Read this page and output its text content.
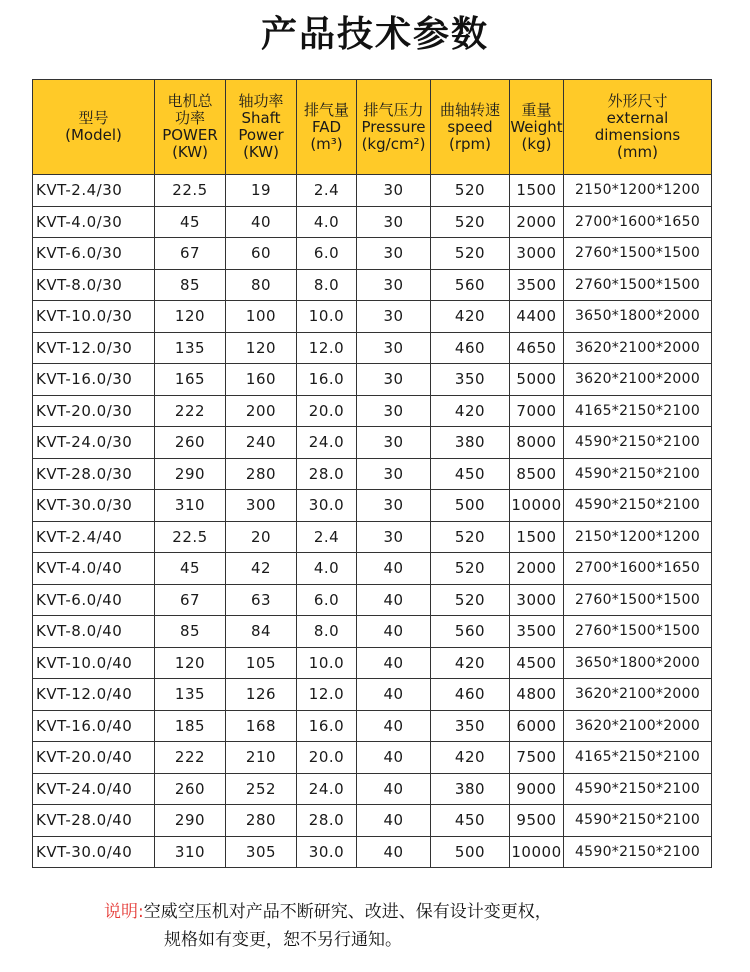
产品技术参数
型号
(Model)	电机总
功率
POWER
(KW)	轴功率
Shaft
Power
(KW)	排气量
FAD
(m³)	排气压力
Pressure
(kg/cm²)	曲轴转速
speed
(rpm)	重量
Weight
(kg)	外形尺寸
external
dimensions
(mm)

KVT-2.4/30	22.5	19	2.4	30	520	1500	2150*1200*1200
KVT-4.0/30	45	40	4.0	30	520	2000	2700*1600*1650
KVT-6.0/30	67	60	6.0	30	520	3000	2760*1500*1500
KVT-8.0/30	85	80	8.0	30	560	3500	2760*1500*1500
KVT-10.0/30	120	100	10.0	30	420	4400	3650*1800*2000
KVT-12.0/30	135	120	12.0	30	460	4650	3620*2100*2000
KVT-16.0/30	165	160	16.0	30	350	5000	3620*2100*2000
KVT-20.0/30	222	200	20.0	30	420	7000	4165*2150*2100
KVT-24.0/30	260	240	24.0	30	380	8000	4590*2150*2100
KVT-28.0/30	290	280	28.0	30	450	8500	4590*2150*2100
KVT-30.0/30	310	300	30.0	30	500	10000	4590*2150*2100
KVT-2.4/40	22.5	20	2.4	30	520	1500	2150*1200*1200
KVT-4.0/40	45	42	4.0	40	520	2000	2700*1600*1650
KVT-6.0/40	67	63	6.0	40	520	3000	2760*1500*1500
KVT-8.0/40	85	84	8.0	40	560	3500	2760*1500*1500
KVT-10.0/40	120	105	10.0	40	420	4500	3650*1800*2000
KVT-12.0/40	135	126	12.0	40	460	4800	3620*2100*2000
KVT-16.0/40	185	168	16.0	40	350	6000	3620*2100*2000
KVT-20.0/40	222	210	20.0	40	420	7500	4165*2150*2100
KVT-24.0/40	260	252	24.0	40	380	9000	4590*2150*2100
KVT-28.0/40	290	280	28.0	40	450	9500	4590*2150*2100
KVT-30.0/40	310	305	30.0	40	500	10000	4590*2150*2100
说明:空威空压机对产品不断研究、改进、保有设计变更权，
规格如有变更，恕不另行通知。
